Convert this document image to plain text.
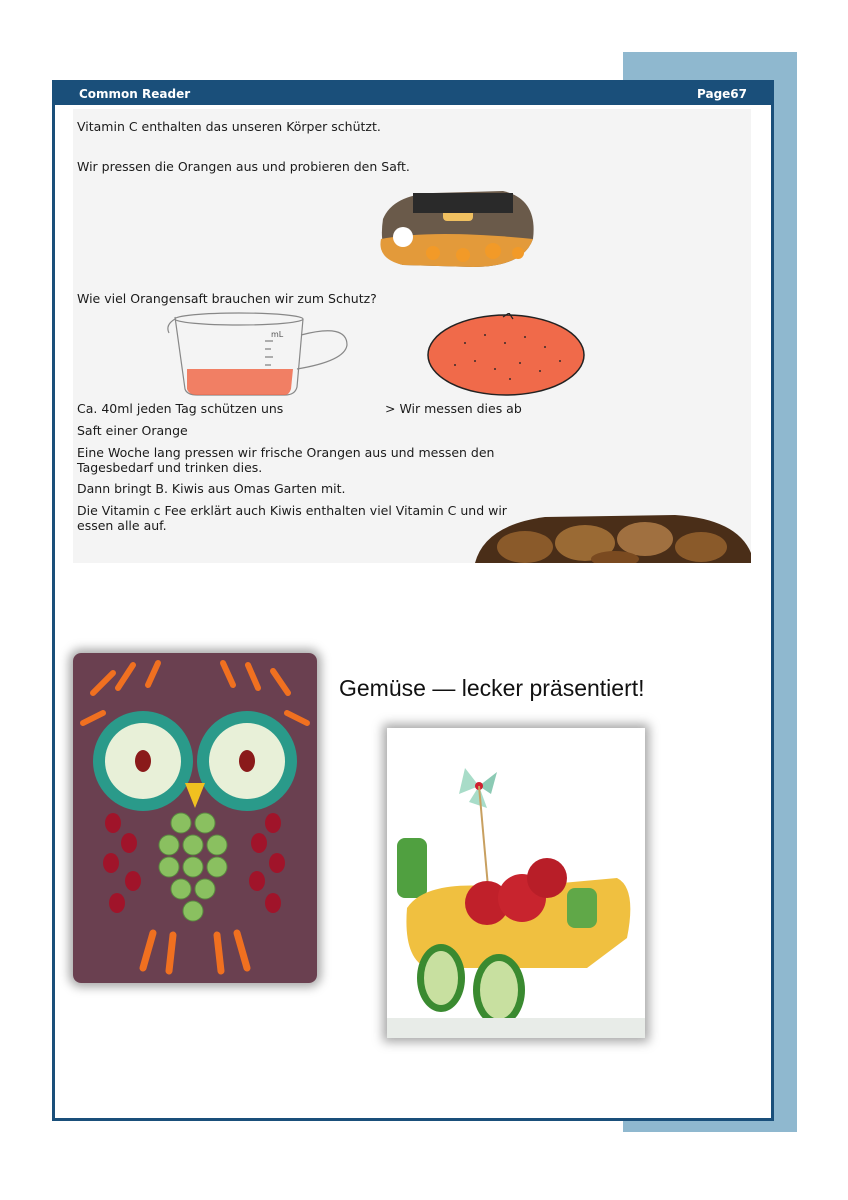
Common Reader	Page67
Vitamin C enthalten das unseren Körper schützt.
Wir pressen die Orangen aus und probieren den Saft.
Wie viel Orangensaft brauchen wir zum Schutz?
mL
Ca. 40ml jeden Tag schützen uns	> Wir messen dies ab
Saft einer Orange
Eine Woche lang pressen wir frische Orangen aus und messen den
Tagesbedarf und trinken dies.
Dann bringt B. Kiwis aus Omas Garten mit.
Die Vitamin c Fee erklärt auch Kiwis enthalten viel Vitamin C und wir
essen alle auf.
Gemüse — lecker präsentiert!
